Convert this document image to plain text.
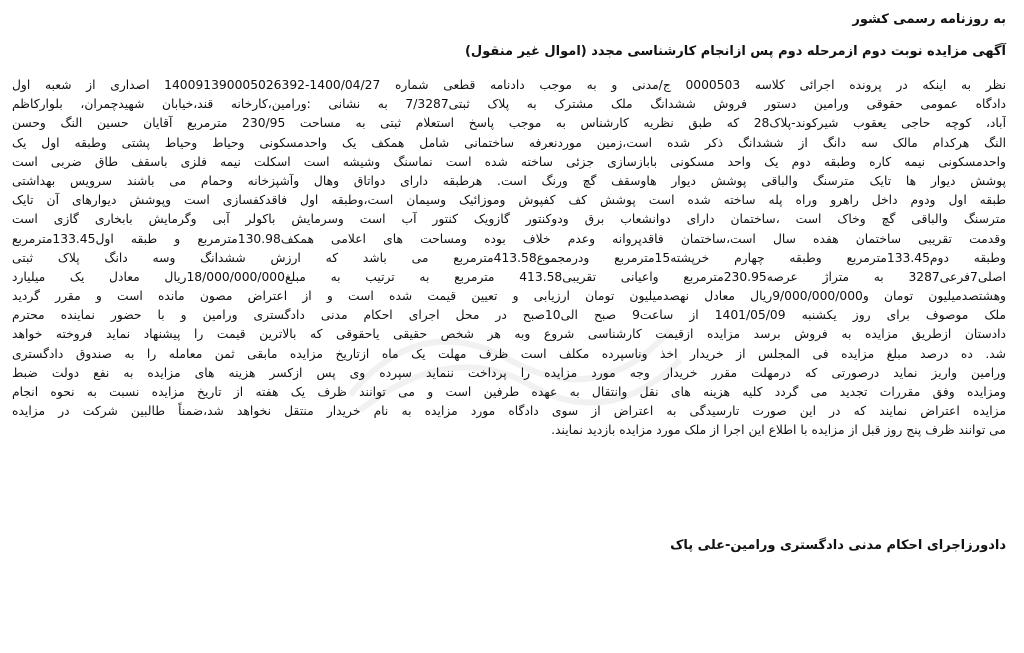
به روزنامه رسمی کشور
آگهی مزایده نوبت دوم ازمرحله دوم پس ازانجام کارشناسی مجدد (اموال غیر منقول)
نظر به اینکه در پرونده اجرائی کلاسه 0000503 ج/مدنی و به موجب دادنامه قطعی شماره 1400/04/27-140091390005026392 اصداری از شعبه اول
دادگاه عمومی حقوقی ورامین دستور فروش ششدانگ ملک مشترک به پلاک ثبتی7/3287 به نشانی :ورامین،کارخانه قند،خیابان شهیدچمران، بلوارکاظم
آباد، کوچه حاجی یعقوب شیرکوند-پلاک28 که طبق نظریه کارشناس به موجب پاسخ استعلام ثبتی به مساحت 230/95 مترمربع آقایان حسین النگ وحسن
النگ هرکدام مالک سه دانگ از ششدانگ ذکر شده است،زمین موردنعرفه ساختمانی شامل همکف یک واحدمسکونی وحیاط وحیاط پشتی وطبقه اول یک
واحدمسکونی نیمه کاره وطبقه دوم یک واحد مسکونی بابازسازی جزئی ساخته شده است نماسنگ وشیشه است اسکلت نیمه فلزی باسقف طاق ضربی است
پوشش دیوار ها تایک مترسنگ والباقی پوشش دیوار هاوسقف گچ ورنگ است. هرطبقه دارای دواتاق وهال وآشپزخانه وحمام می باشند سرویس بهداشتی
طبقه اول ودوم داخل راهرو وراه پله ساخته شده است پوشش کف کفپوش وموزائیک وسیمان است،وطبقه اول فاقدکفسازی است وپوشش دیوارهای آن تایک
مترسنگ والباقی گچ وخاک است ،ساختمان دارای دوانشعاب برق ودوکنتور گازویک کنتور آب است وسرمایش باکولر آبی وگرمایش بابخاری گازی است
وقدمت تقریبی ساختمان هفده سال است،ساختمان فاقدپروانه وعدم خلاف بوده ومساحت های اعلامی همکف130.98مترمربع و طبقه اول133.45مترمربع
وطبقه دوم133.45مترمربع وطبقه چهارم خرپشته15مترمربع ودرمجموع413.58مترمربع می باشد که ارزش ششدانگ وسه دانگ پلاک ثبتی
اصلی7فرعی3287 به متراژ عرصه230.95مترمربع واعیانی تقریبی413.58 مترمربع به ترتیب به مبلغ18/000/000/000ریال معادل یک میلیارد
وهشتصدمیلیون تومان و9/000/000/000ریال معادل نهصدمیلیون تومان ارزیابی و تعیین قیمت شده است و از اعتراض مصون مانده است و مقرر گردید
ملک موصوف برای روز یکشنبه 1401/05/09 از ساعت9 صبح الی10صبح در محل اجرای احکام مدنی دادگستری ورامین و با حضور نماینده محترم
دادستان ازطریق مزایده به فروش برسد مزایده ازقیمت کارشناسی شروع وبه هر شخص حقیقی یاحقوقی که بالاترین قیمت را پیشنهاد نماید فروخته خواهد
شد. ده درصد مبلغ مزایده فی المجلس از خریدار اخذ وناسپرده مکلف است ظرف مهلت یک ماه ازتاریخ مزایده مابقی ثمن معامله را به صندوق دادگستری
ورامین واریز نماید درصورتی که درمهلت مقرر خریدار وجه مورد مزایده را پرداخت ننماید سپرده وی پس ازکسر هزینه های مزایده به نفع دولت ضبط
ومزایده وفق مقررات تجدید می گردد کلیه هزینه های نقل وانتقال به عهده طرفین است و می توانند ظرف یک هفته از تاریخ مزایده نسبت به نحوه انجام
مزایده اعتراض نمایند که در این صورت تارسیدگی به اعتراض از سوی دادگاه مورد مزایده به نام خریدار منتقل نخواهد شد،ضمناً طالبین شرکت در مزایده
می توانند ظرف پنج روز قبل از مزایده با اطلاع این اجرا از ملک مورد مزایده بازدید نمایند.
دادورزاجرای احکام مدنی دادگستری ورامین-علی پاک
